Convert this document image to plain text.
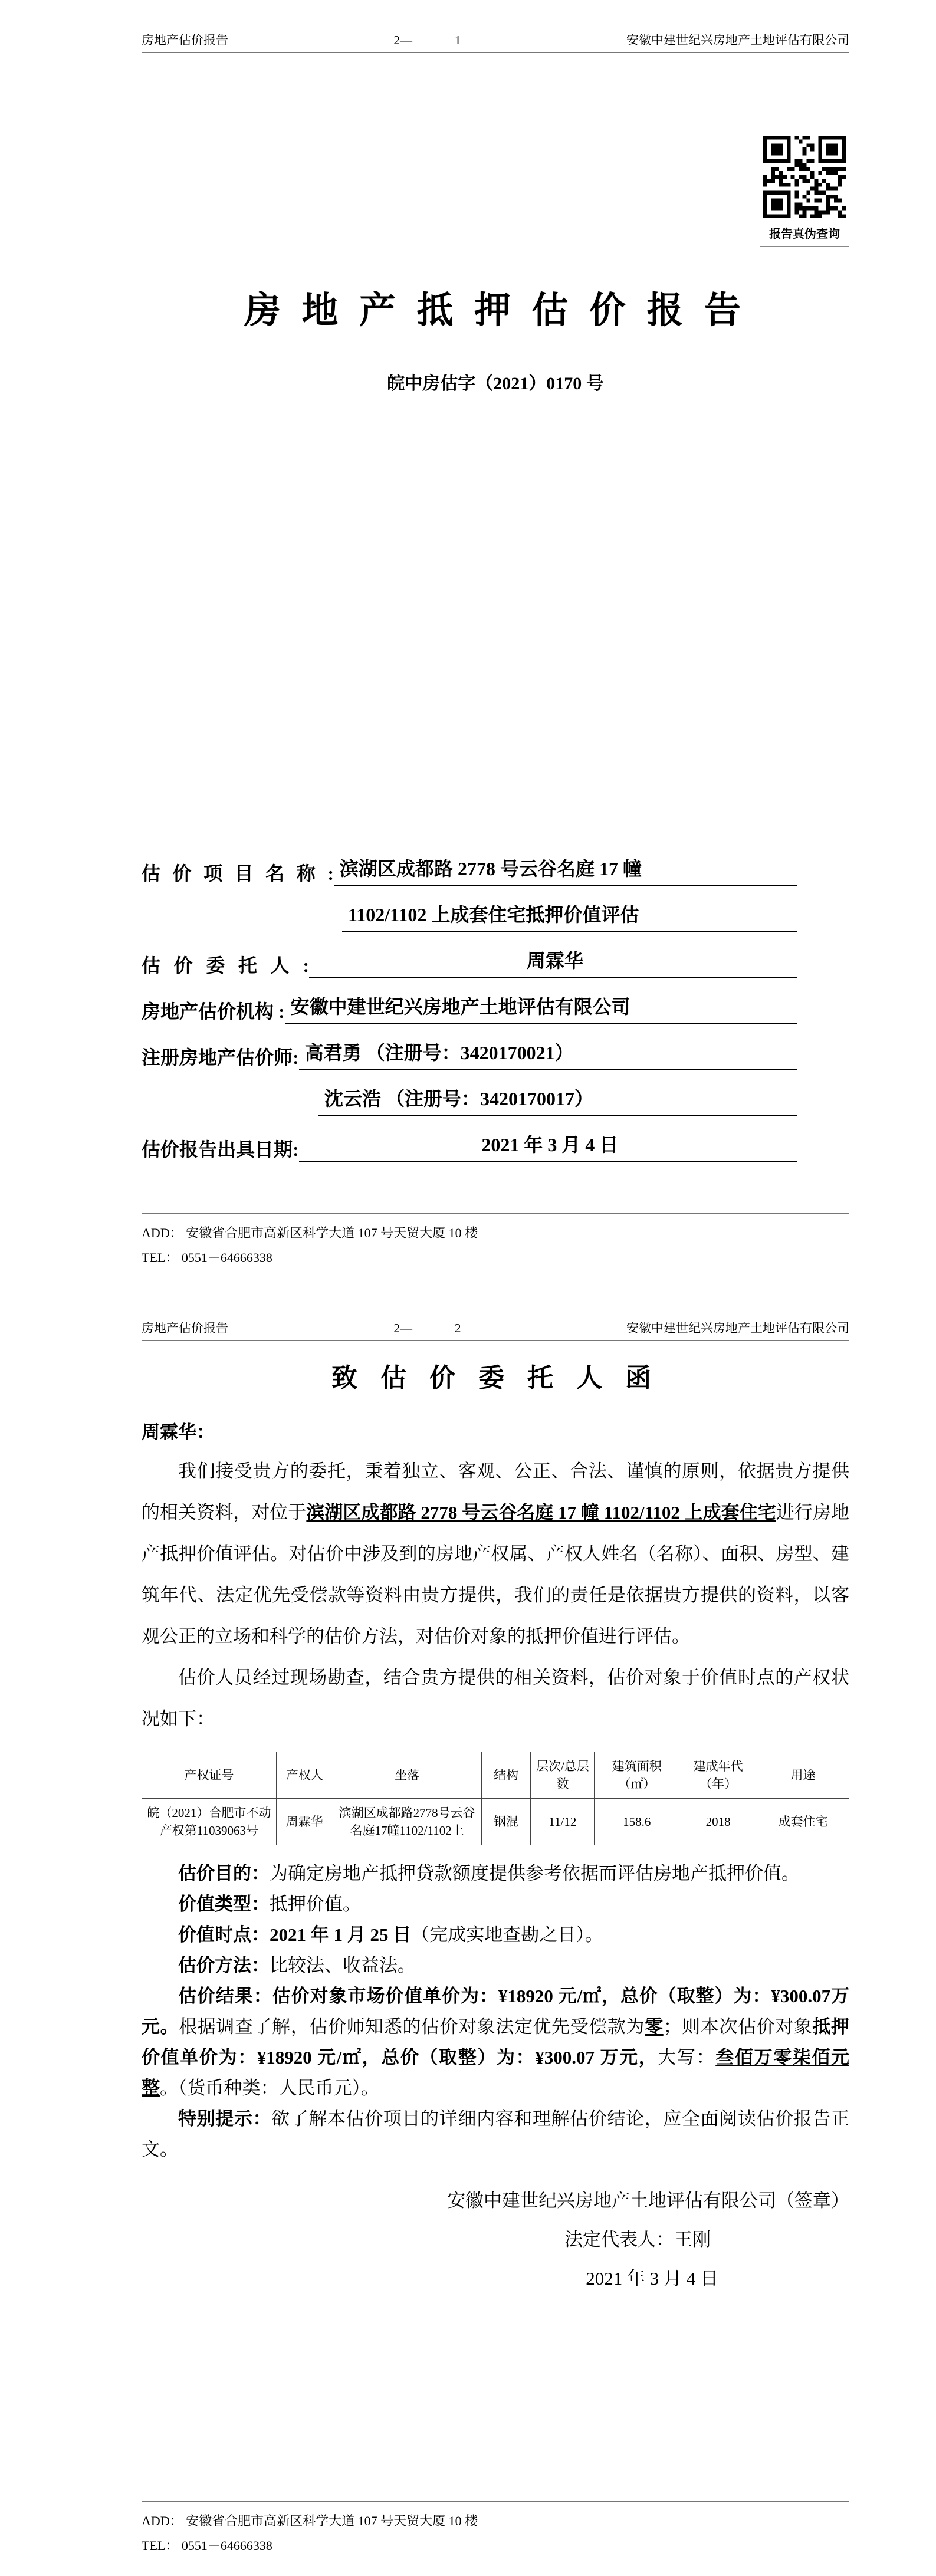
房地产估价报告	2—	1	安徽中建世纪兴房地产土地评估有限公司
报告真伪查询
房 地 产 抵 押 估 价 报 告
皖中房估字（2021）0170 号
估 价 项 目 名 称 : 滨湖区成都路 2778 号云谷名庭 17 幢
1102/1102 上成套住宅抵押价值评估
估 价 委 托 人 :	周霖华
房地产估价机构 : 安徽中建世纪兴房地产土地评估有限公司
注册房地产估价师: 高君勇 （注册号：3420170021）
沈云浩 （注册号：3420170017）
估价报告出具日期:	2021 年 3 月 4 日
ADD： 安徽省合肥市高新区科学大道 107 号天贸大厦 10 楼
TEL： 0551－64666338
房地产估价报告	2—	2	安徽中建世纪兴房地产土地评估有限公司
致 估 价 委 托 人 函
周霖华：
我们接受贵方的委托，秉着独立、客观、公正、合法、谨慎的原则，依据贵方提供的相关资料，对位于滨湖区成都路 2778 号云谷名庭 17 幢 1102/1102 上成套住宅进行房地产抵押价值评估。对估价中涉及到的房地产权属、产权人姓名（名称）、面积、房型、建筑年代、法定优先受偿款等资料由贵方提供，我们的责任是依据贵方提供的资料，以客观公正的立场和科学的估价方法，对估价对象的抵押价值进行评估。
估价人员经过现场勘查，结合贵方提供的相关资料，估价对象于价值时点的产权状况如下：
产权证号	产权人	坐落	结构	层次/总层数	建筑面积（㎡）	建成年代（年）	用途
皖（2021）合肥市不动产权第11039063号	周霖华	滨湖区成都路2778号云谷名庭17幢1102/1102上	钢混	11/12	158.6	2018	成套住宅
估价目的：为确定房地产抵押贷款额度提供参考依据而评估房地产抵押价值。
价值类型：抵押价值。
价值时点：2021 年 1 月 25 日（完成实地查勘之日）。
估价方法：比较法、收益法。
估价结果：估价对象市场价值单价为：¥18920 元/㎡，总价（取整）为：¥300.07万元。根据调查了解，估价师知悉的估价对象法定优先受偿款为零；则本次估价对象抵押价值单价为：¥18920 元/㎡，总价（取整）为：¥300.07 万元，大写：叁佰万零柒佰元整。（货币种类：人民币元）。
特别提示：欲了解本估价项目的详细内容和理解估价结论，应全面阅读估价报告正文。
安徽中建世纪兴房地产土地评估有限公司（签章）
法定代表人：王刚
2021 年 3 月 4 日
ADD： 安徽省合肥市高新区科学大道 107 号天贸大厦 10 楼
TEL： 0551－64666338
